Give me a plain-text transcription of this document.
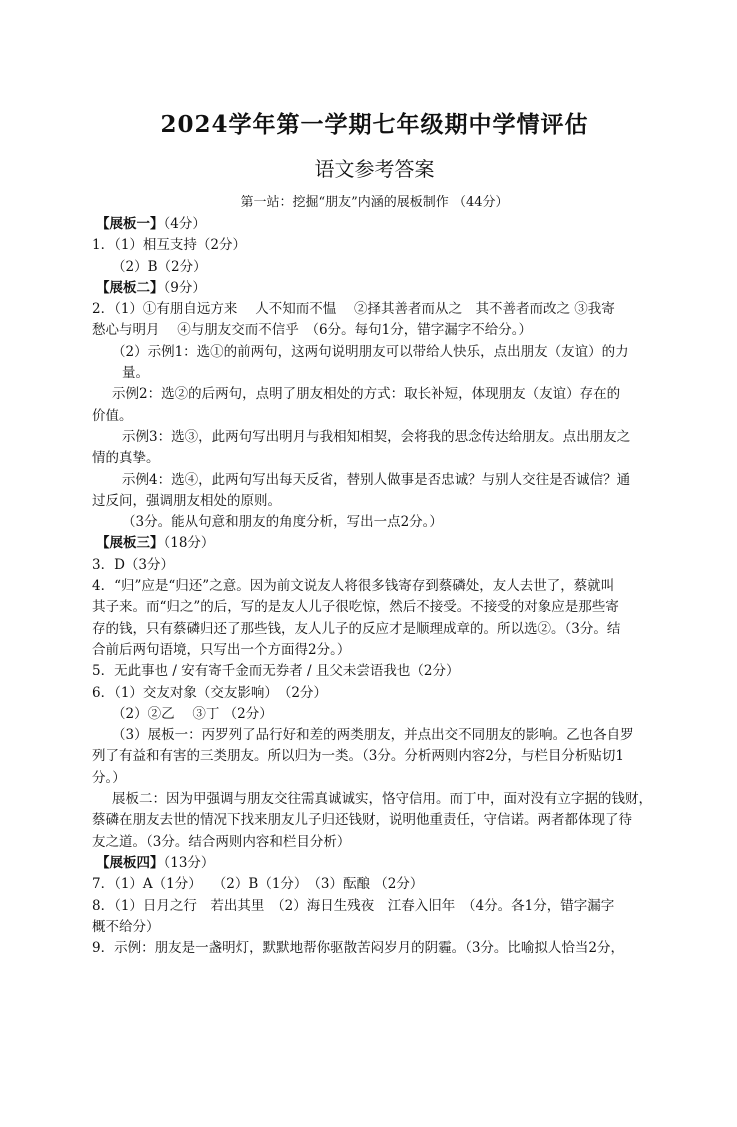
2024学年第一学期七年级期中学情评估
语文参考答案
第一站：挖掘“朋友”内涵的展板制作 （44分）

【展板一】（4分）

1．（1）相互支持（2分）

（2）B（2分）

【展板二】（9分）

2．（1）①有朋自远方来　 人不知而不愠　 ②择其善者而从之　其不善者而改之 ③我寄

愁心与明月　 ④与朋友交而不信乎　（6分。每句1分，错字漏字不给分。）

（2）示例1：选①的前两句，这两句说明朋友可以带给人快乐，点出朋友（友谊）的力

量。

示例2：选②的后两句，点明了朋友相处的方式：取长补短，体现朋友（友谊）存在的

价值。

示例3：选③，此两句写出明月与我相知相契，会将我的思念传达给朋友。点出朋友之

情的真挚。

示例4：选④，此两句写出每天反省，替别人做事是否忠诚？与别人交往是否诚信？通

过反问，强调朋友相处的原则。

（3分。能从句意和朋友的角度分析，写出一点2分。）

【展板三】（18分）

3．D（3分）

4．“归”应是“归还”之意。因为前文说友人将很多钱寄存到蔡磷处，友人去世了，蔡就叫

其子来。而“归之”的后，写的是友人儿子很吃惊，然后不接受。不接受的对象应是那些寄

存的钱，只有蔡磷归还了那些钱，友人儿子的反应才是顺理成章的。所以选②。（3分。结

合前后两句语境，只写出一个方面得2分。）

5．无此事也 / 安有寄千金而无券者 / 且父未尝语我也（2分）

6．（1）交友对象（交友影响）　（2分）

（2）②乙　 ③丁 （2分）

（3）展板一：丙罗列了品行好和差的两类朋友，并点出交不同朋友的影响。乙也各自罗

列了有益和有害的三类朋友。所以归为一类。（3分。分析两则内容2分，与栏目分析贴切1

分。）

展板二：因为甲强调与朋友交往需真诚诚实，恪守信用。而丁中，面对没有立字据的钱财，

蔡磷在朋友去世的情况下找来朋友儿子归还钱财，说明他重责任，守信诺。两者都体现了待

友之道。（3分。结合两则内容和栏目分析）

【展板四】（13分）

7．（1）A（1分）　 （2）B（1分）　（3）酝酿 （2分）

8．（1）日月之行　若出其里　（2）海日生残夜　江春入旧年　（4分。各1分，错字漏字

概不给分）

9．示例：朋友是一盏明灯，默默地帮你驱散苦闷岁月的阴霾。（3分。比喻拟人恰当2分，
